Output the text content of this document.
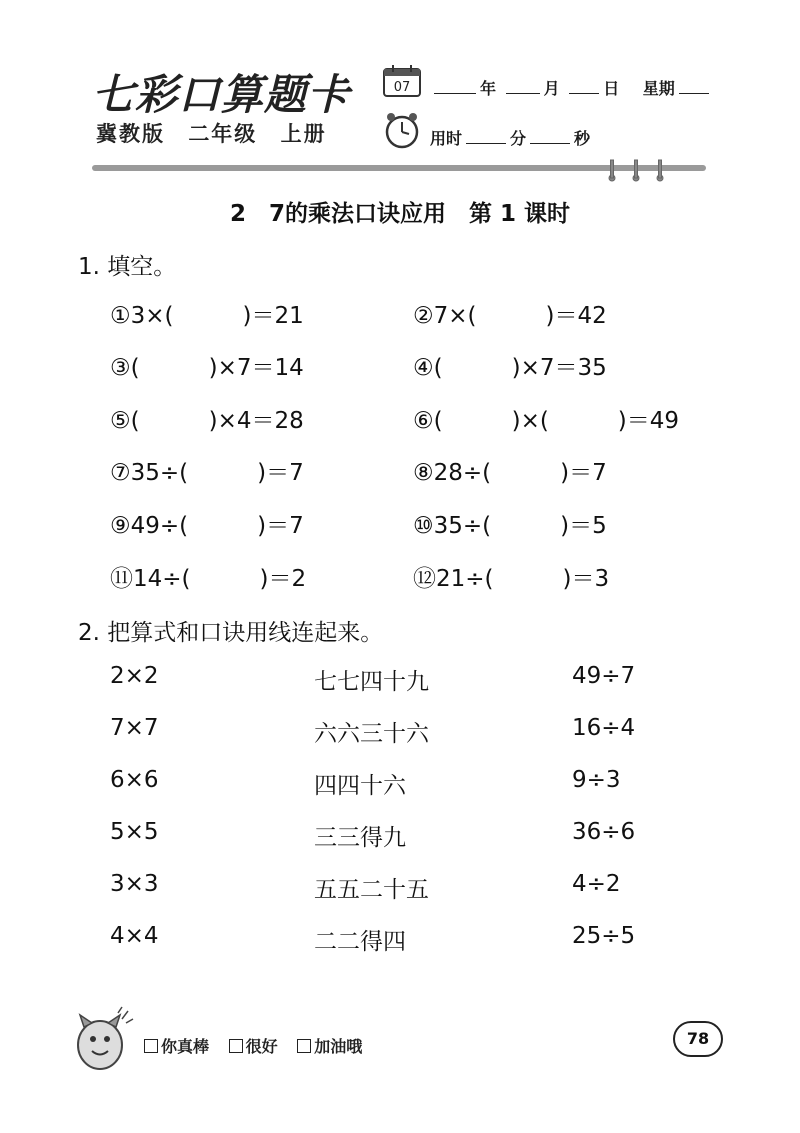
七彩口算题卡
冀教版 二年级 上册
07	年	月	日 星期
用时	分	秒
2　7的乘法口诀应用　第 1 课时
1. 填空。
①3×(　　　)＝21	②7×(　　　)＝42
③(　　　)×7＝14	④(　　　)×7＝35
⑤(　　　)×4＝28	⑥(　　　)×(　　　)＝49
⑦35÷(　　　)＝7	⑧28÷(　　　)＝7
⑨49÷(　　　)＝7	⑩35÷(　　　)＝5
⑪14÷(　　　)＝2	⑫21÷(　　　)＝3
2. 把算式和口诀用线连起来。
2×2	七七四十九	49÷7
7×7	六六三十六	16÷4
6×6	四四十六	9÷3
5×5	三三得九	36÷6
3×3	五五二十五	4÷2
4×4	二二得四	25÷5
你真棒 很好 加油哦	78
